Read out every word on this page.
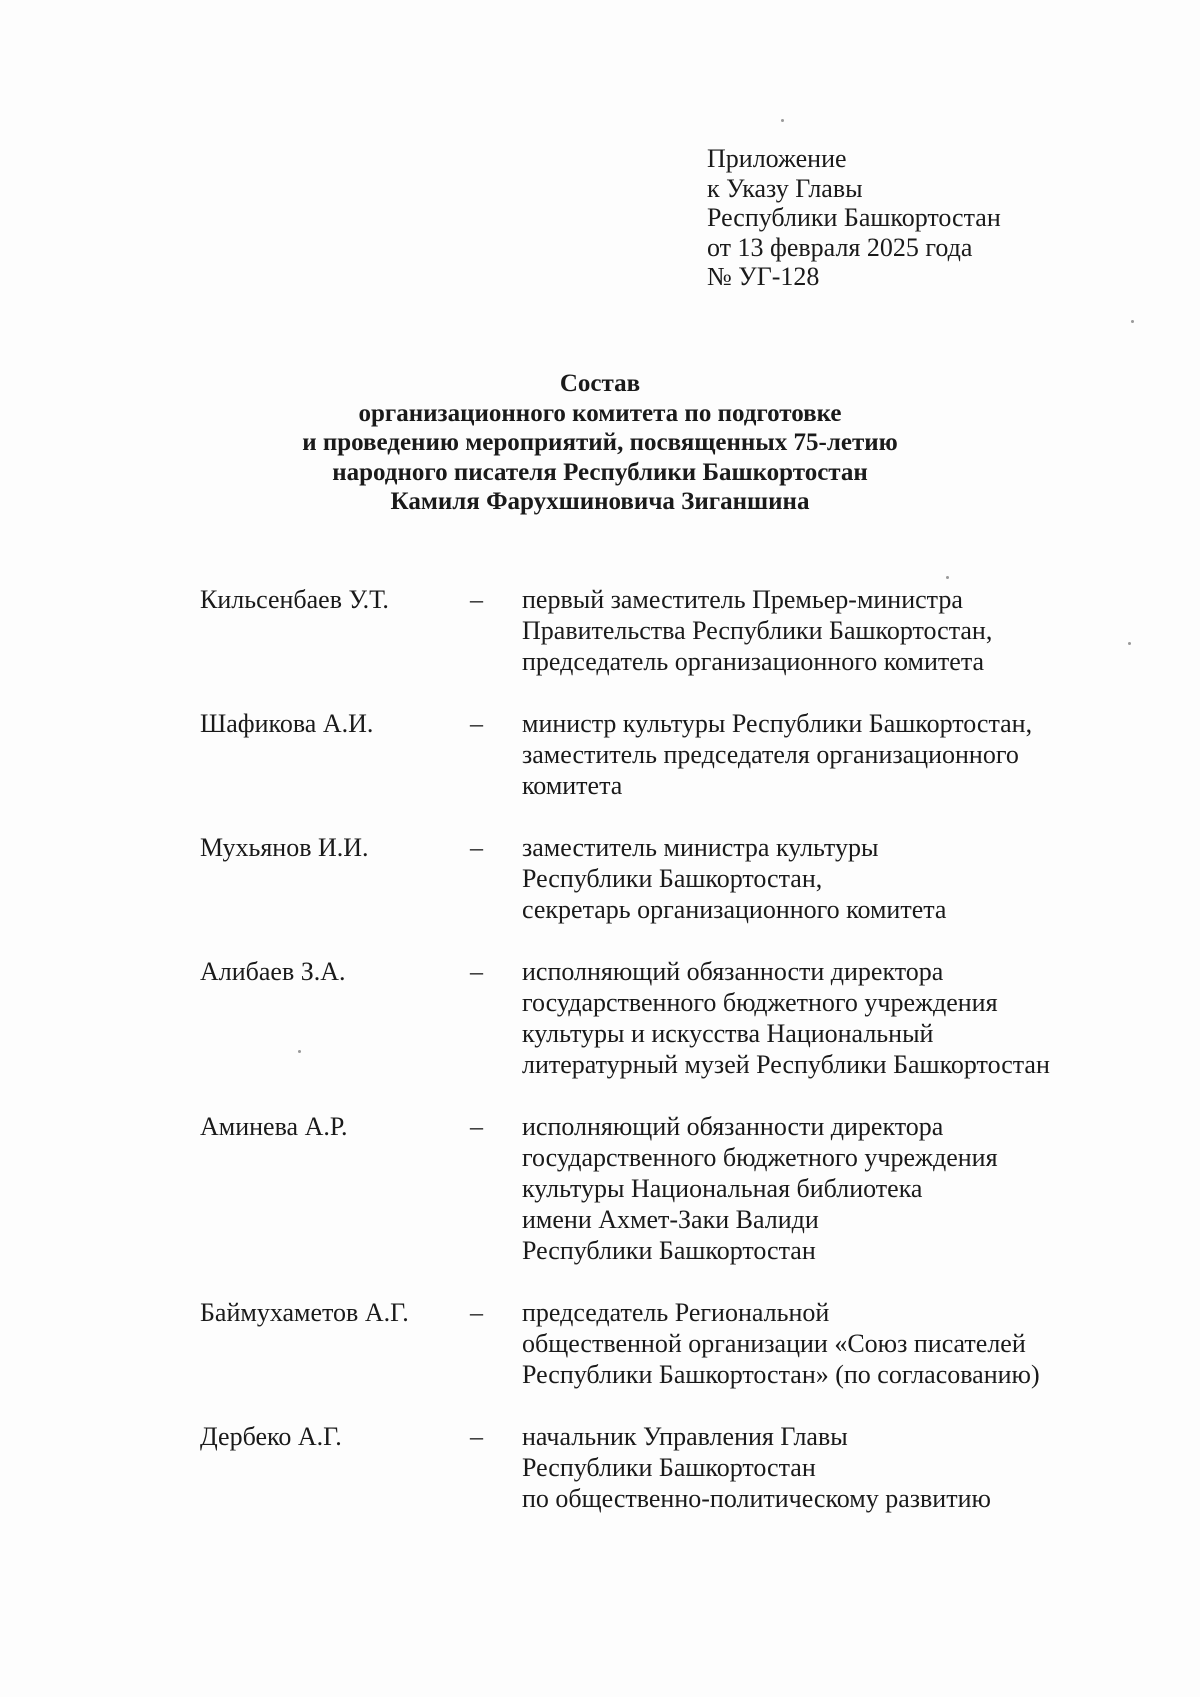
Приложение
к Указу Главы
Республики Башкортостан
от 13 февраля 2025 года
№ УГ-128
Состав
организационного комитета по подготовке
и проведению мероприятий, посвященных 75-летию
народного писателя Республики Башкортостан
Камиля Фарухшиновича Зиганшина
Кильсенбаев У.Т.	– первый заместитель Премьер-министра
Правительства Республики Башкортостан,
председатель организационного комитета
Шафикова А.И.	– министр культуры Республики Башкортостан,
заместитель председателя организационного
комитета
Мухьянов И.И.	– заместитель министра культуры
Республики Башкортостан,
секретарь организационного комитета
Алибаев З.А.	– исполняющий обязанности директора
государственного бюджетного учреждения
культуры и искусства Национальный
литературный музей Республики Башкортостан
Аминева А.Р.	– исполняющий обязанности директора
государственного бюджетного учреждения
культуры Национальная библиотека
имени Ахмет-Заки Валиди
Республики Башкортостан
Баймухаметов А.Г. – председатель Региональной
общественной организации «Союз писателей
Республики Башкортостан» (по согласованию)
Дербеко А.Г.	– начальник Управления Главы
Республики Башкортостан
по общественно-политическому развитию
